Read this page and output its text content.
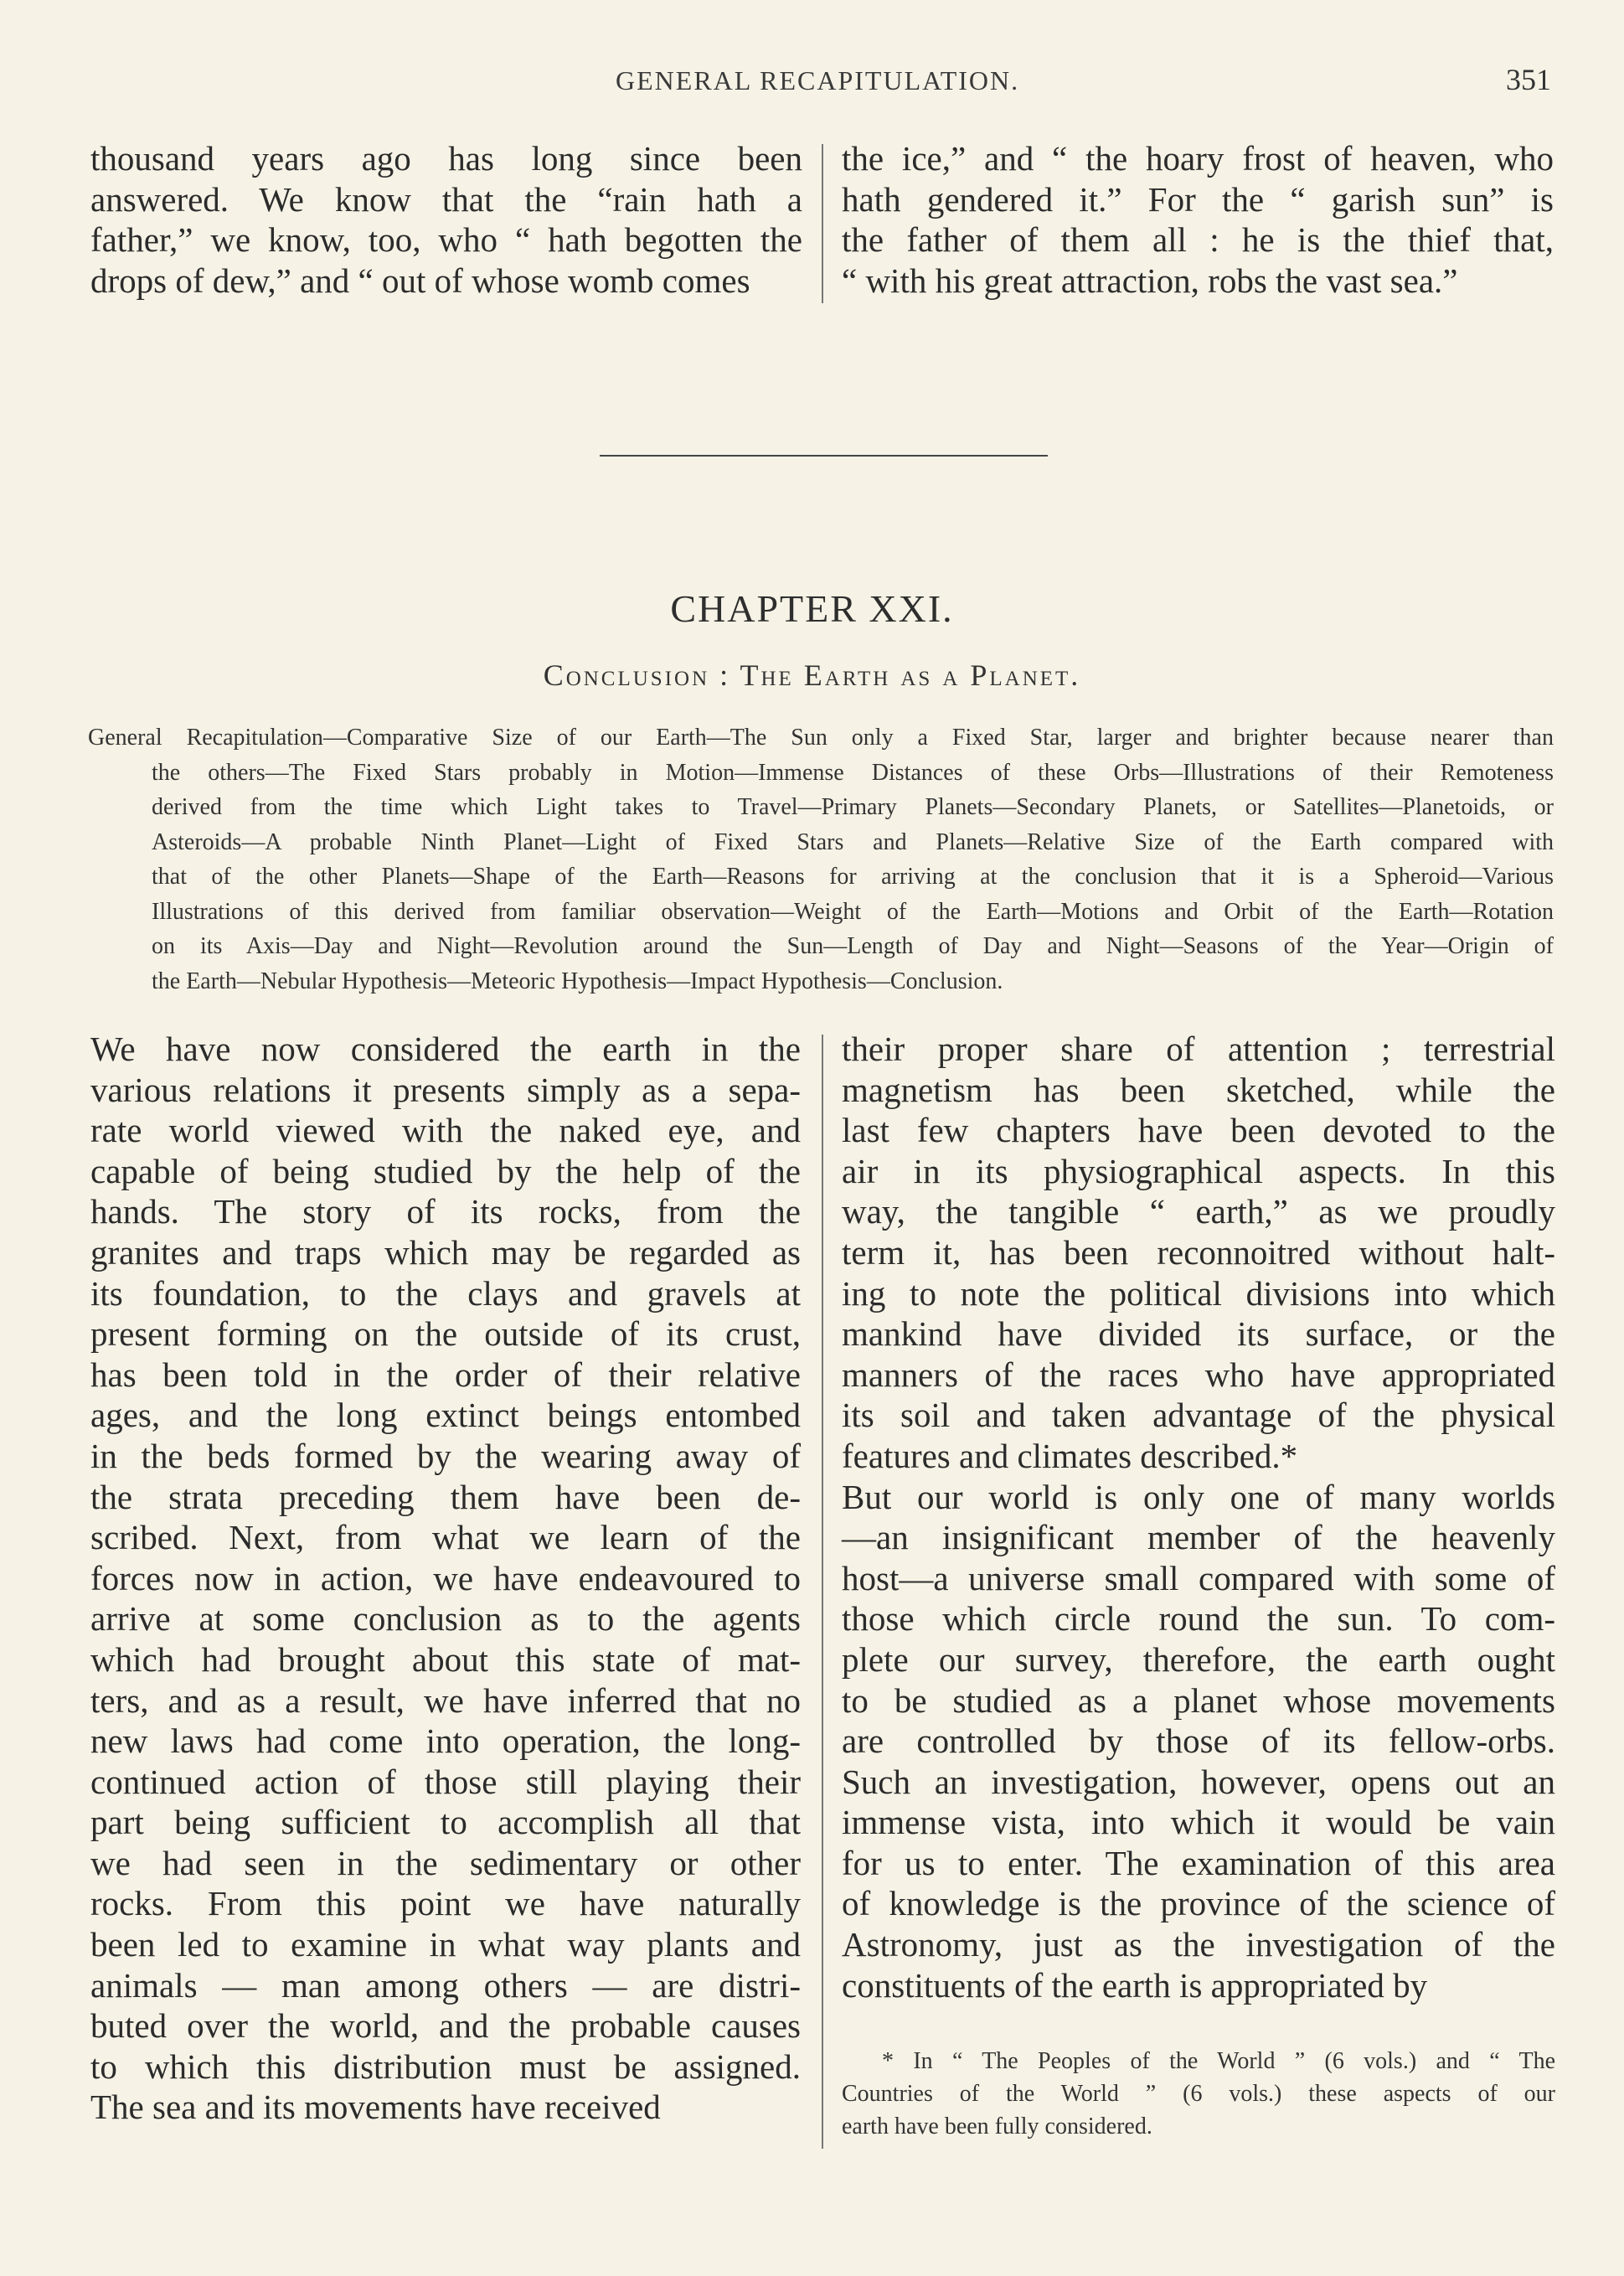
GENERAL RECAPITULATION.	351
thousand years ago has long since been
answered. We know that the “rain hath a
father,” we know, too, who “ hath begotten the
drops of dew,” and “ out of whose womb comes
the ice,” and “ the hoary frost of heaven, who
hath gendered it.” For the “ garish sun” is
the father of them all : he is the thief that,
“ with his great attraction, robs the vast sea.”
CHAPTER XXI.
Conclusion : The Earth as a Planet.
General Recapitulation—Comparative Size of our Earth—The Sun only a Fixed Star, larger and brighter because nearer than
the others—The Fixed Stars probably in Motion—Immense Distances of these Orbs—Illustrations of their Remoteness
derived from the time which Light takes to Travel—Primary Planets—Secondary Planets, or Satellites—Planetoids, or
Asteroids—A probable Ninth Planet—Light of Fixed Stars and Planets—Relative Size of the Earth compared with
that of the other Planets—Shape of the Earth—Reasons for arriving at the conclusion that it is a Spheroid—Various
Illustrations of this derived from familiar observation—Weight of the Earth—Motions and Orbit of the Earth—Rotation
on its Axis—Day and Night—Revolution around the Sun—Length of Day and Night—Seasons of the Year—Origin of
the Earth—Nebular Hypothesis—Meteoric Hypothesis—Impact Hypothesis—Conclusion.
We have now considered the earth in the
various relations it presents simply as a sepa-
rate world viewed with the naked eye, and
capable of being studied by the help of the
hands. The story of its rocks, from the
granites and traps which may be regarded as
its foundation, to the clays and gravels at
present forming on the outside of its crust,
has been told in the order of their relative
ages, and the long extinct beings entombed
in the beds formed by the wearing away of
the strata preceding them have been de-
scribed. Next, from what we learn of the
forces now in action, we have endeavoured to
arrive at some conclusion as to the agents
which had brought about this state of mat-
ters, and as a result, we have inferred that no
new laws had come into operation, the long-
continued action of those still playing their
part being sufficient to accomplish all that
we had seen in the sedimentary or other
rocks. From this point we have naturally
been led to examine in what way plants and
animals — man among others — are distri-
buted over the world, and the probable causes
to which this distribution must be assigned.
The sea and its movements have received
their proper share of attention ; terrestrial
magnetism has been sketched, while the
last few chapters have been devoted to the
air in its physiographical aspects. In this
way, the tangible “ earth,” as we proudly
term it, has been reconnoitred without halt-
ing to note the political divisions into which
mankind have divided its surface, or the
manners of the races who have appropriated
its soil and taken advantage of the physical
features and climates described.*
But our world is only one of many worlds
—an insignificant member of the heavenly
host—a universe small compared with some of
those which circle round the sun. To com-
plete our survey, therefore, the earth ought
to be studied as a planet whose movements
are controlled by those of its fellow-orbs.
Such an investigation, however, opens out an
immense vista, into which it would be vain
for us to enter. The examination of this area
of knowledge is the province of the science of
Astronomy, just as the investigation of the
constituents of the earth is appropriated by
* In “ The Peoples of the World ” (6 vols.) and “ The
Countries of the World ” (6 vols.) these aspects of our
earth have been fully considered.
